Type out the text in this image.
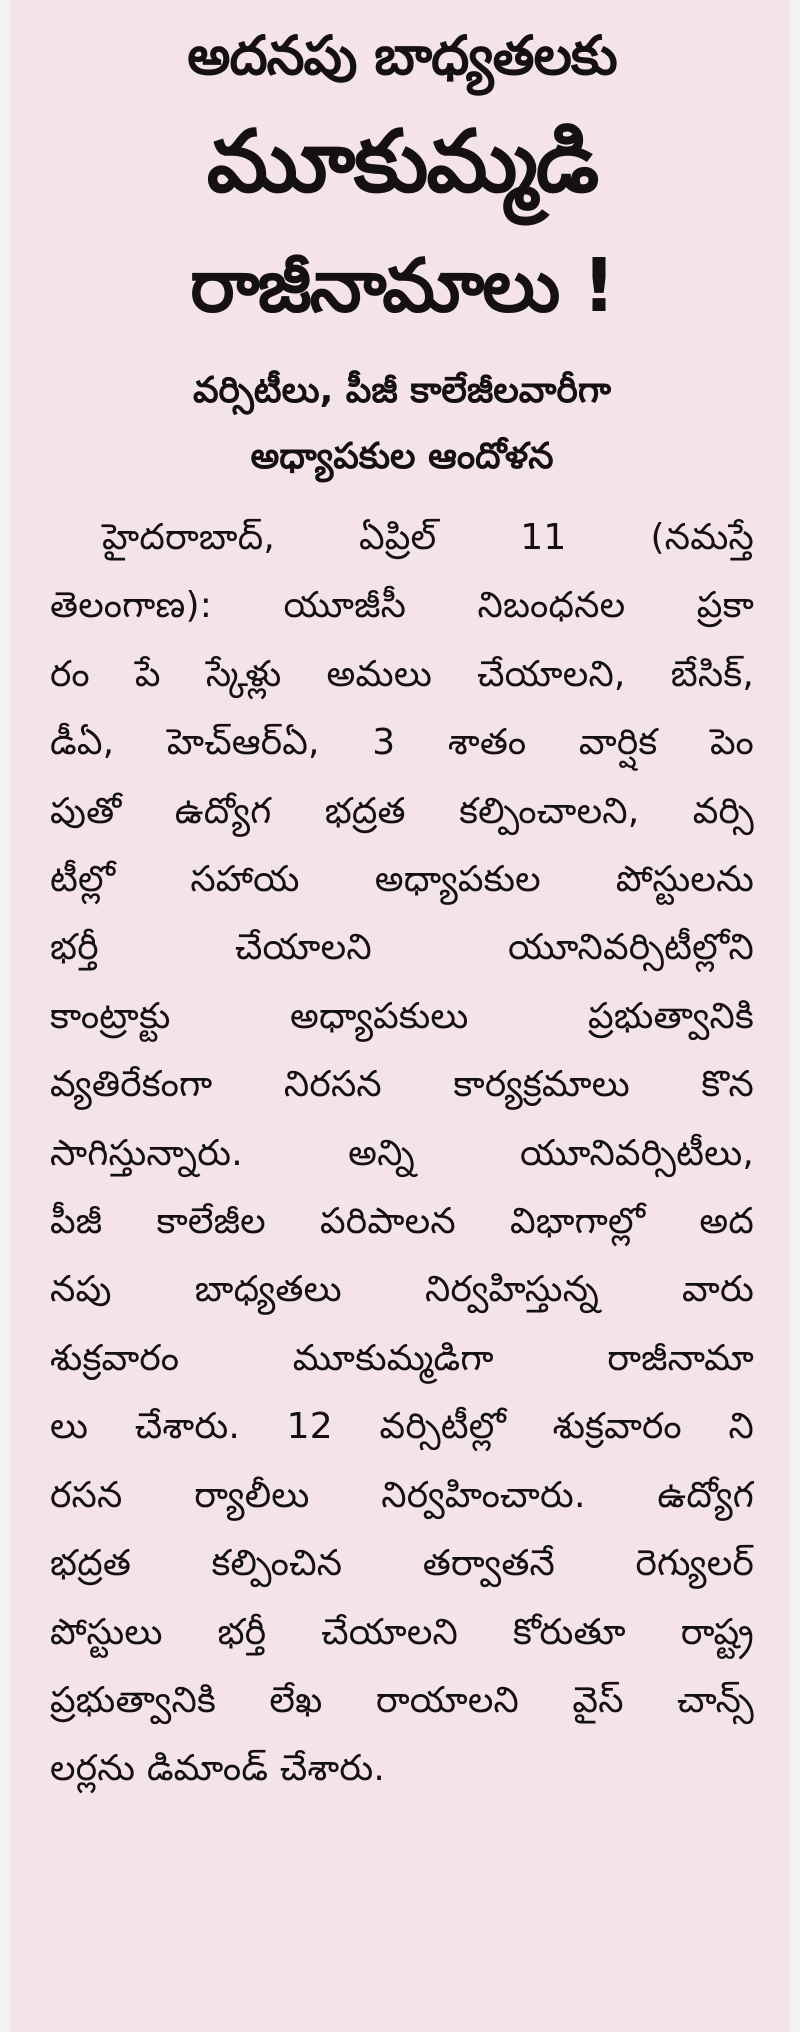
అదనపు బాధ్యతలకు
మూకుమ్మడి
రాజీనామాలు !
వర్సిటీలు, పీజీ కాలేజీలవారీగా
అధ్యాపకుల ఆందోళన
హైదరాబాద్, ఏప్రిల్ 11 (నమస్తే
తెలంగాణ): యూజీసీ నిబంధనల ప్రకా
రం పే స్కేళ్లు అమలు చేయాలని, బేసిక్,
డీఏ, హెచ్ఆర్ఏ, 3 శాతం వార్షిక పెం
పుతో ఉద్యోగ భద్రత కల్పించాలని, వర్సి
టీల్లో సహాయ అధ్యాపకుల పోస్టులను
భర్తీ చేయాలని యూనివర్సిటీల్లోని
కాంట్రాక్టు అధ్యాపకులు ప్రభుత్వానికి
వ్యతిరేకంగా నిరసన కార్యక్రమాలు కొన
సాగిస్తున్నారు. అన్ని యూనివర్సిటీలు,
పీజీ కాలేజీల పరిపాలన విభాగాల్లో అద
నపు బాధ్యతలు నిర్వహిస్తున్న వారు
శుక్రవారం మూకుమ్మడిగా రాజీనామా
లు చేశారు. 12 వర్సిటీల్లో శుక్రవారం ని
రసన ర్యాలీలు నిర్వహించారు. ఉద్యోగ
భద్రత కల్పించిన తర్వాతనే రెగ్యులర్
పోస్టులు భర్తీ చేయాలని కోరుతూ రాష్ట్ర
ప్రభుత్వానికి లేఖ రాయాలని వైస్ చాన్స్
లర్లను డిమాండ్ చేశారు.
